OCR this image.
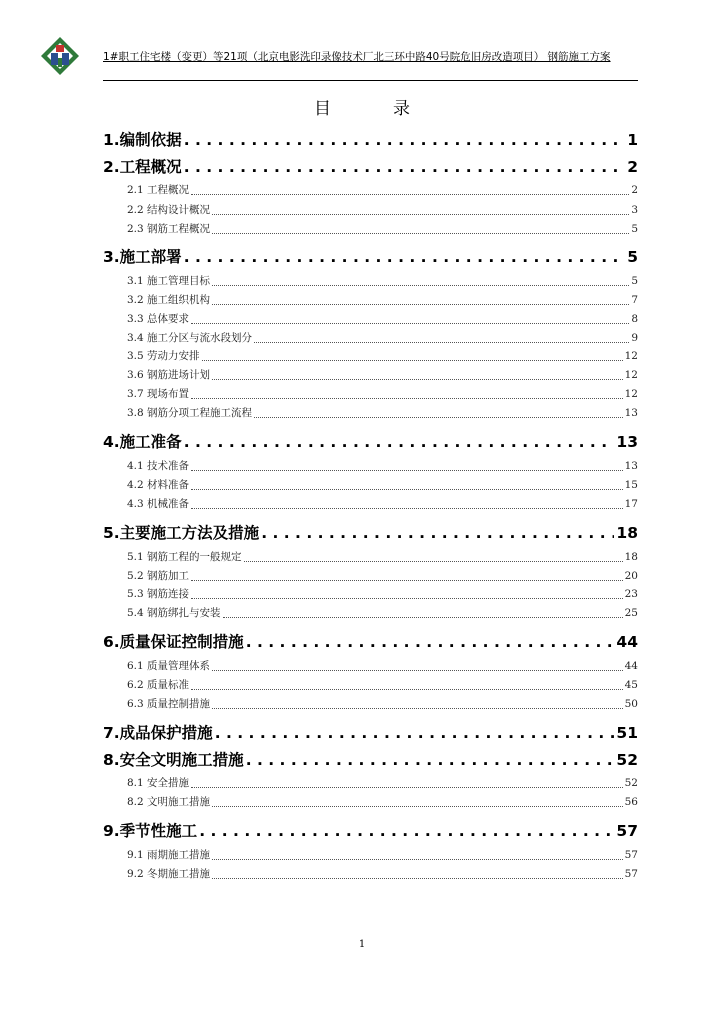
1#职工住宅楼（变更）等21项（北京电影洗印录像技术厂北三环中路40号院危旧房改造项目） 钢筋施工方案
目	录
1.编制依据 . . .	1
2.工程概况 . . .	2
2.1 工程概况	2
2.2 结构设计概况	3
2.3 钢筋工程概况	5
3.施工部署 . . .	5
3.1 施工管理目标	5
3.2 施工组织机构	7
3.3 总体要求	8
3.4 施工分区与流水段划分	9
3.5 劳动力安排	12
3.6 钢筋进场计划	12
3.7 现场布置	12
3.8 钢筋分项工程施工流程	13
4.施工准备 . . .	13
4.1 技术准备	13
4.2 材料准备	15
4.3 机械准备	17
5.主要施工方法及措施 . . .	18
5.1 钢筋工程的一般规定	18
5.2 钢筋加工	20
5.3 钢筋连接	23
5.4 钢筋绑扎与安装	25
6.质量保证控制措施 . . .	44
6.1 质量管理体系	44
6.2 质量标准	45
6.3 质量控制措施	50
7.成品保护措施 . . .	51
8.安全文明施工措施 . . .	52
8.1 安全措施	52
8.2 文明施工措施	56
9.季节性施工 . . .	57
9.1 雨期施工措施	57
9.2 冬期施工措施	57
1
